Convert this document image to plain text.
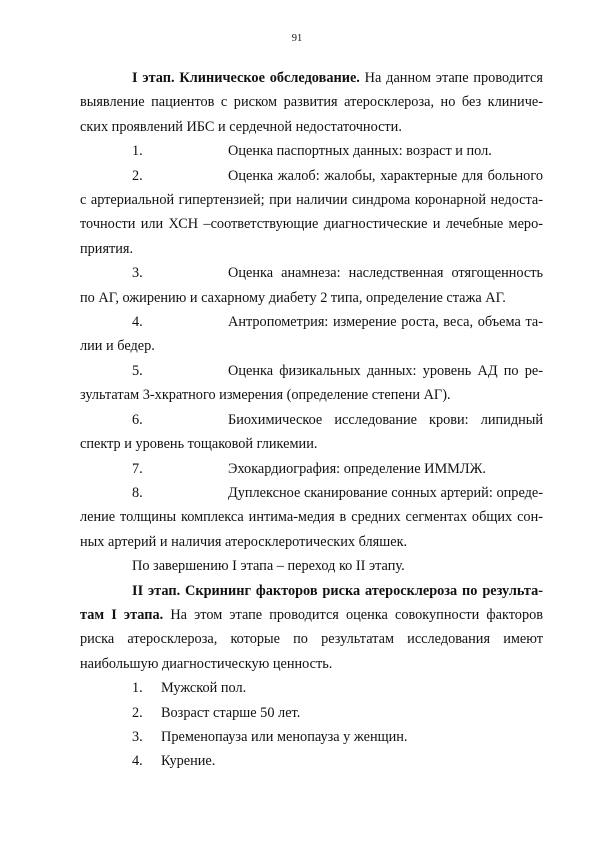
91

I этап. Клиническое обследование. На данном этапе проводится выявление пациентов с риском развития атеросклероза, но без клиниче-ских проявлений ИБС и сердечной недостаточности.

1.	Оценка паспортных данных: возраст и пол.

2.	Оценка жалоб: жалобы, характерные для больного с артериальной гипертензией; при наличии синдрома коронарной недоста-точности или ХСН –соответствующие диагностические и лечебные меро-приятия.

3.	Оценка анамнеза: наследственная отягощенность по АГ, ожирению и сахарному диабету 2 типа, определение стажа АГ.

4.	Антропометрия: измерение роста, веса, объема та-лии и бедер.

5.	Оценка физикальных данных: уровень АД по ре-зультатам 3-хкратного измерения (определение степени АГ).

6.	Биохимическое исследование крови: липидный спектр и уровень тощаковой гликемии.

7.	Эхокардиография: определение ИММЛЖ.

8.	Дуплексное сканирование сонных артерий: опреде-ление толщины комплекса интима-медия в средних сегментах общих сон-ных артерий и наличия атеросклеротических бляшек.

По завершению I этапа – переход ко II этапу.

II этап. Скрининг факторов риска атеросклероза по результа-там I этапа. На этом этапе проводится оценка совокупности факторов риска атеросклероза, которые по результатам исследования имеют наибольшую диагностическую ценность.

1. Мужской пол.
2. Возраст старше 50 лет.
3. Пременопауза или менопауза у женщин.
4. Курение.
